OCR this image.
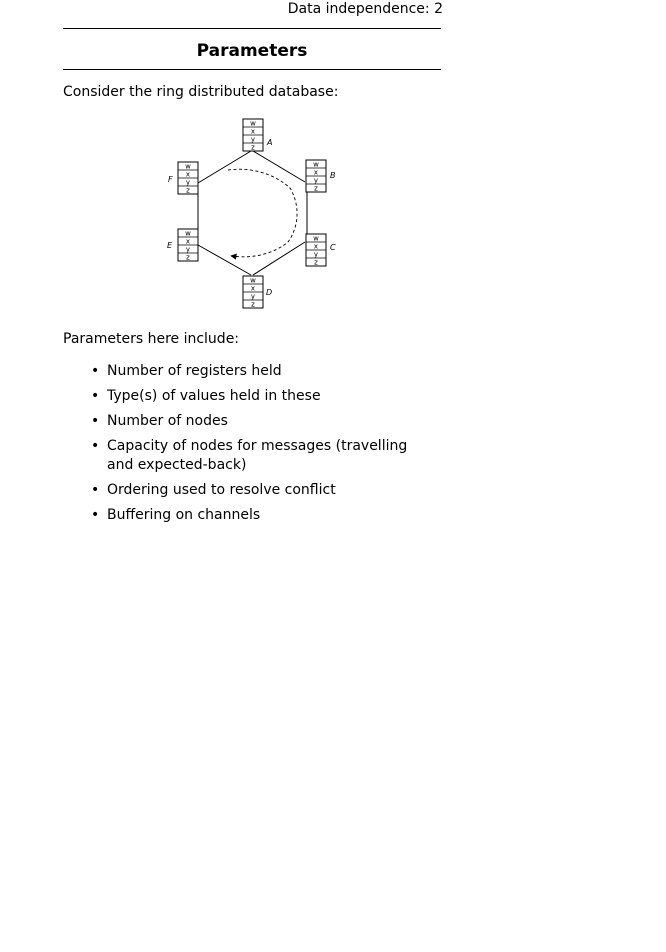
Data independence: 2
Parameters
Consider the ring distributed database:
w
x
y
z
A
w
x
y
z
B
w
x
y
z
C
w
x
y
z
D
w
x
y
z
E
w
x
y
z
F
Parameters here include:
• Number of registers held
• Type(s) of values held in these
• Number of nodes
• Capacity of nodes for messages (travelling and expected-back)
• Ordering used to resolve conflict
• Buffering on channels
